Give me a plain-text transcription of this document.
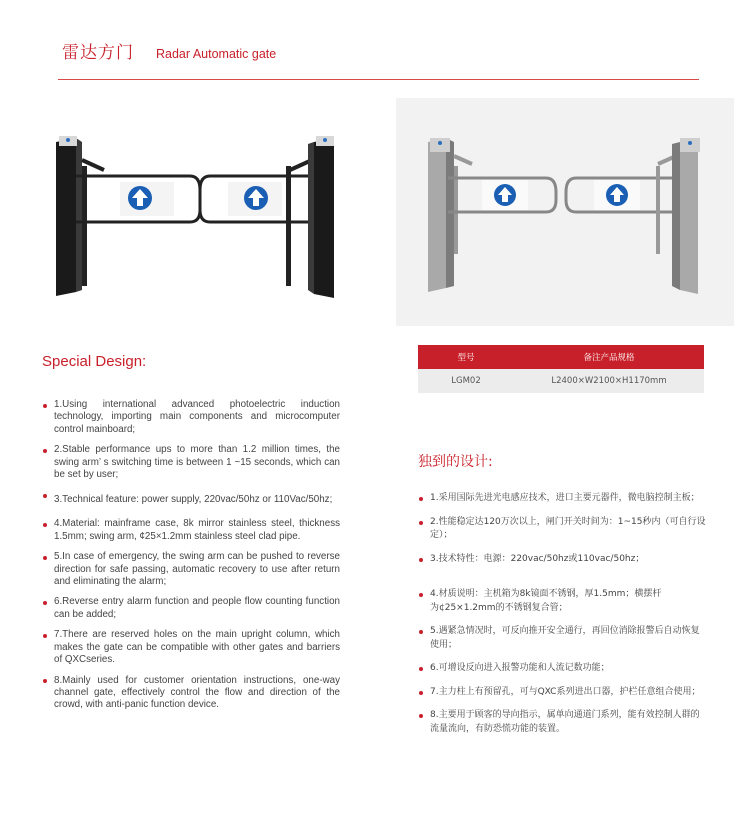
雷达方门 Radar Automatic gate
型号	备注产品规格
LGM02	L2400×W2100×H1170mm
Special Design:
1.Using international advanced photoelectric induction technology, importing main components and microcomputer control mainboard;
2.Stable performance ups to more than 1.2 million times, the swing arm’ s switching time is between 1 ~15 seconds, which can be set by user;
3.Technical feature: power supply, 220vac/50hz or 110Vac/50hz;
4.Material: mainframe case, 8k mirror stainless steel, thickness 1.5mm; swing arm, ¢25×1.2mm stainless steel clad pipe.
5.In case of emergency, the swing arm can be pushed to reverse direction for safe passing, automatic recovery to use after return and eliminating the alarm;
6.Reverse entry alarm function and people flow counting function can be added;
7.There are reserved holes on the main upright column, which makes the gate can be compatible with other gates and barriers of QXCseries.
8.Mainly used for customer orientation instructions, one-way channel gate, effectively control the flow and direction of the crowd, with anti-panic function device.
独到的设计:
1.采用国际先进光电感应技术，进口主要元器件，微电脑控制主板；
2.性能稳定达120万次以上，闸门开关时间为：1~15秒内（可自行设定）；
3.技术特性：电源：220vac/50hz或110vac/50hz；
4.材质说明：主机箱为8k镜面不锈钢，厚1.5mm；横摆杆为¢25×1.2mm的不锈钢复合管；
5.遇紧急情况时，可反向推开安全通行，再回位消除报警后自动恢复使用；
6.可增设反向进入报警功能和人流记数功能；
7.主力柱上有预留孔，可与QXC系列进出口器，护栏任意组合使用；
8.主要用于顾客的导向指示，属单向通道门系列，能有效控制人群的流量流向，有防恐慌功能的装置。
